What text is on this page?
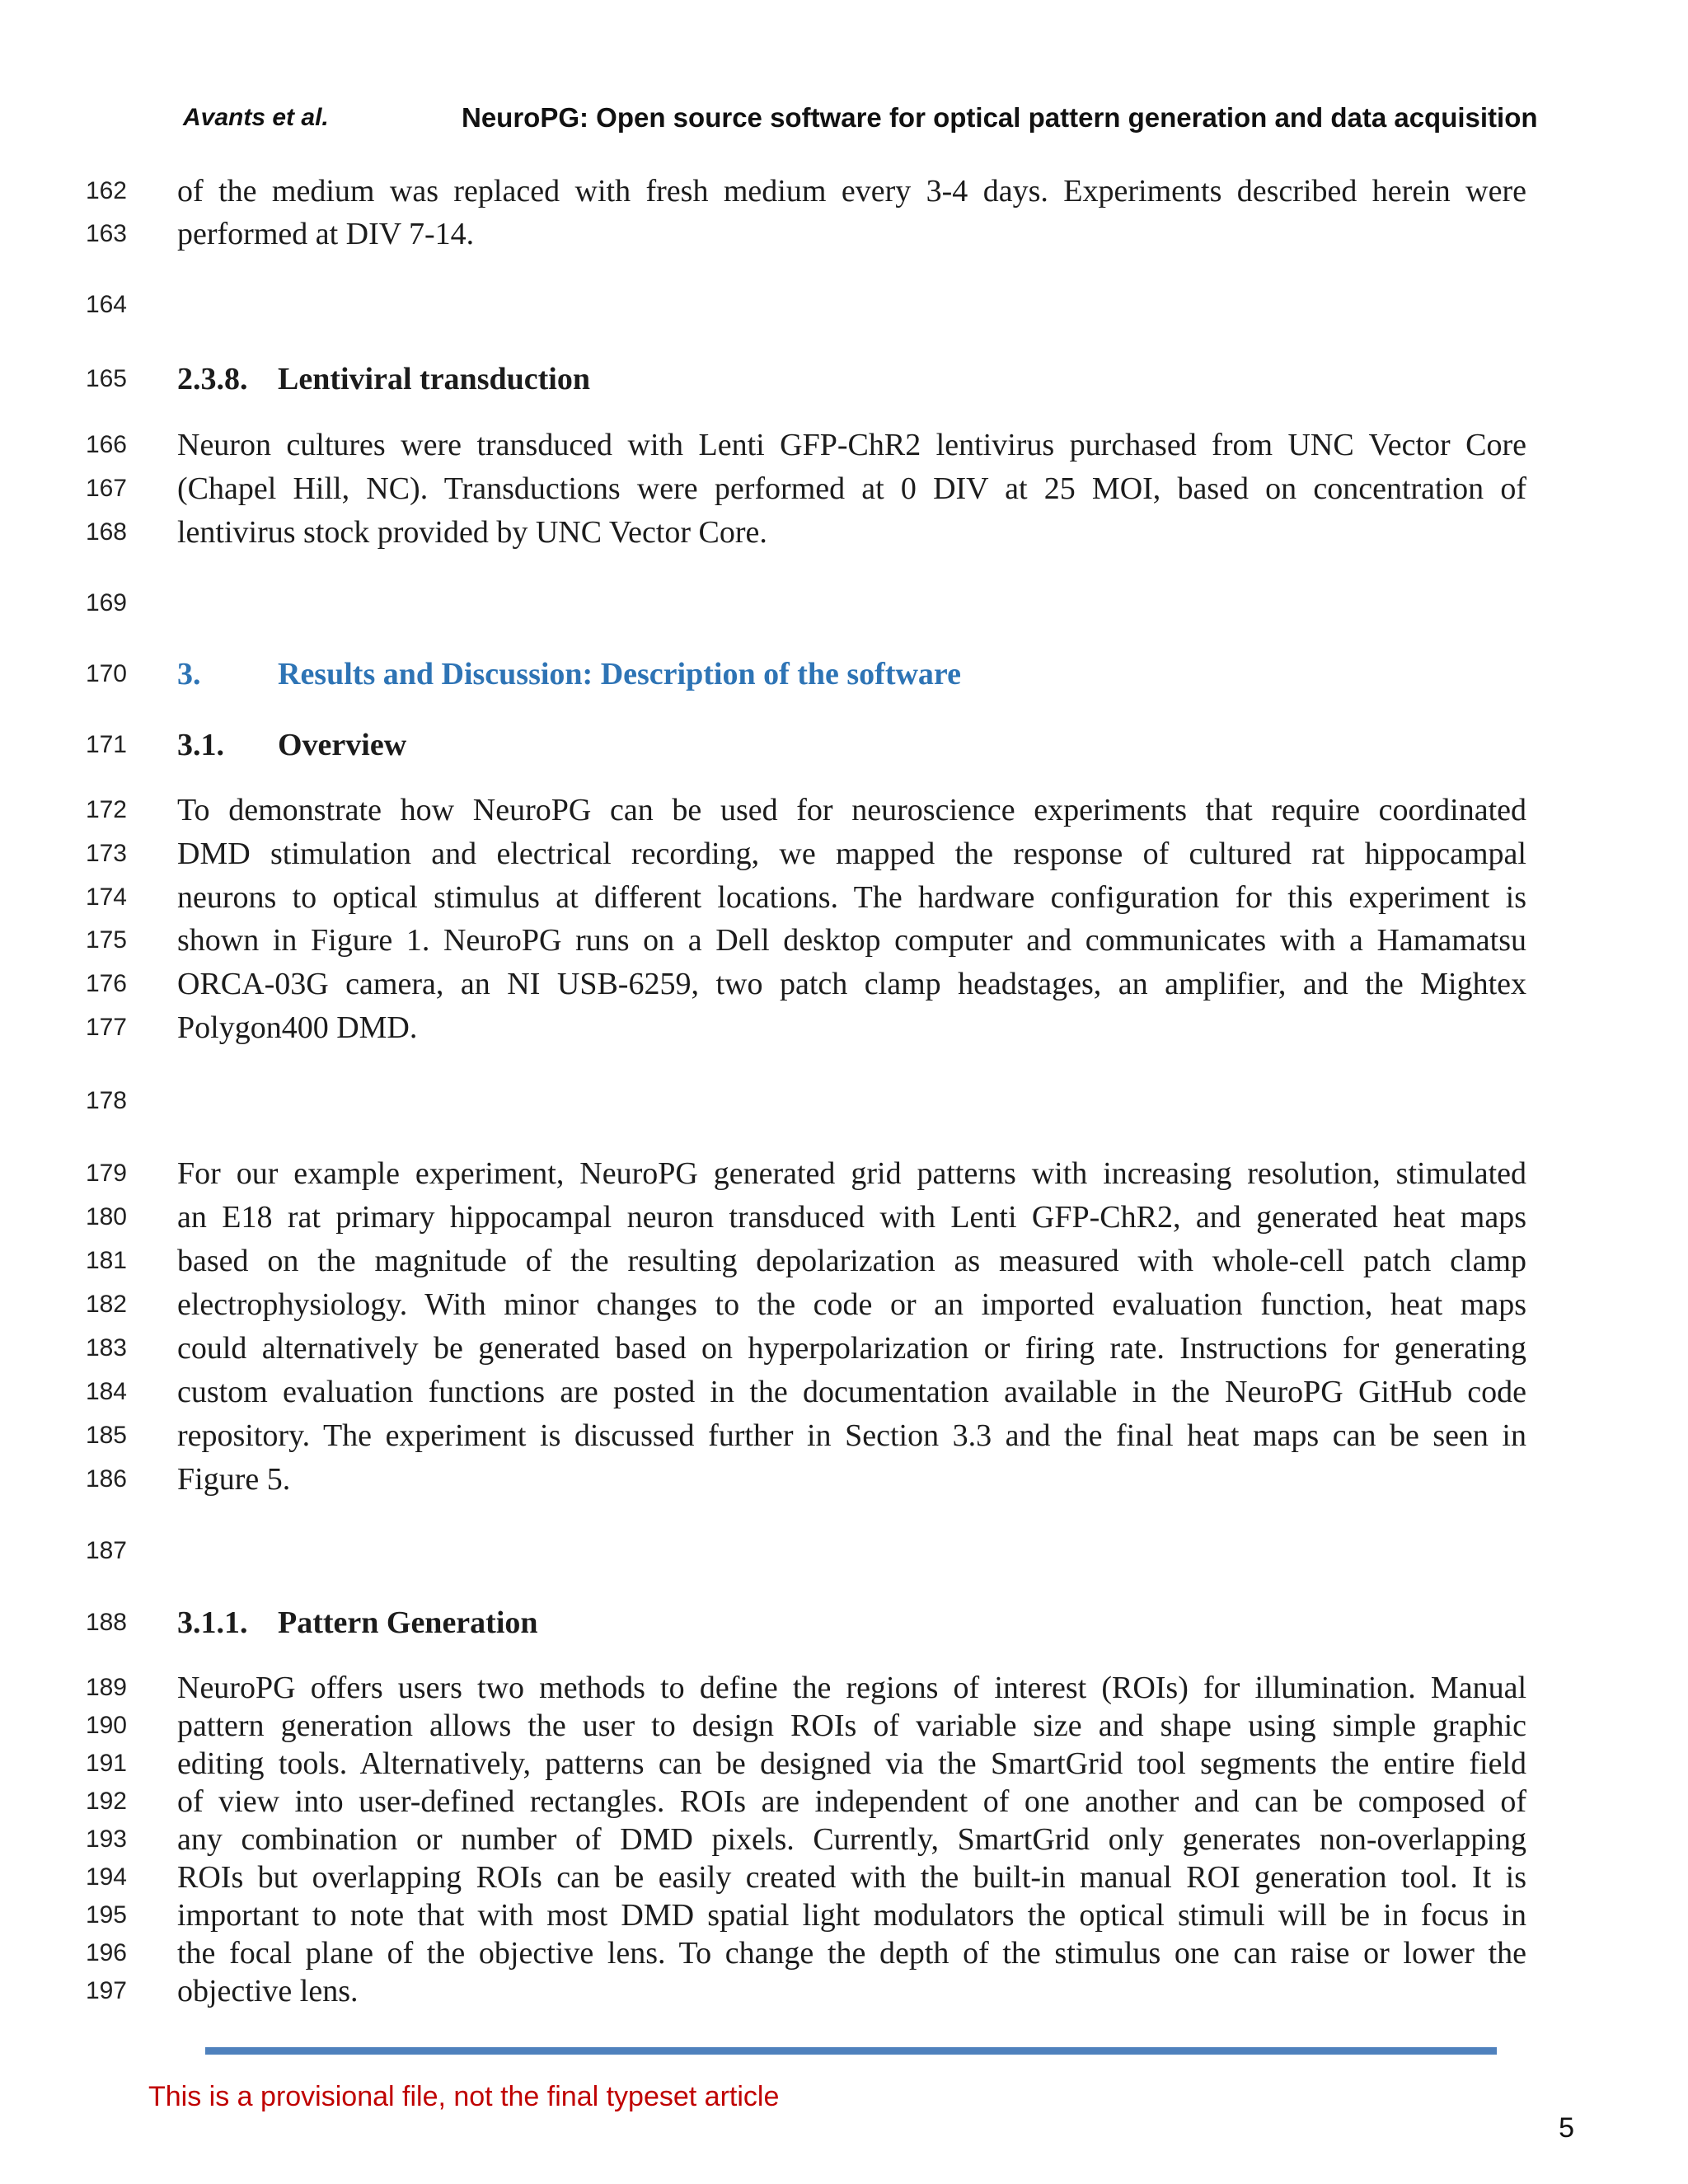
Avants et al.	NeuroPG: Open source software for optical pattern generation and data acquisition
162 of the medium was replaced with fresh medium every 3-4 days. Experiments described herein were
163 performed at DIV 7-14.
164
165 2.3.8. Lentiviral transduction
166 Neuron cultures were transduced with Lenti GFP-ChR2 lentivirus purchased from UNC Vector Core
167 (Chapel Hill, NC). Transductions were performed at 0 DIV at 25 MOI, based on concentration of
168 lentivirus stock provided by UNC Vector Core.
169
170 3. Results and Discussion: Description of the software
171 3.1. Overview
172 To demonstrate how NeuroPG can be used for neuroscience experiments that require coordinated
173 DMD stimulation and electrical recording, we mapped the response of cultured rat hippocampal
174 neurons to optical stimulus at different locations. The hardware configuration for this experiment is
175 shown in Figure 1. NeuroPG runs on a Dell desktop computer and communicates with a Hamamatsu
176 ORCA-03G camera, an NI USB-6259, two patch clamp headstages, an amplifier, and the Mightex
177 Polygon400 DMD.
178
179 For our example experiment, NeuroPG generated grid patterns with increasing resolution, stimulated
180 an E18 rat primary hippocampal neuron transduced with Lenti GFP-ChR2, and generated heat maps
181 based on the magnitude of the resulting depolarization as measured with whole-cell patch clamp
182 electrophysiology. With minor changes to the code or an imported evaluation function, heat maps
183 could alternatively be generated based on hyperpolarization or firing rate. Instructions for generating
184 custom evaluation functions are posted in the documentation available in the NeuroPG GitHub code
185 repository. The experiment is discussed further in Section 3.3 and the final heat maps can be seen in
186 Figure 5.
187
188 3.1.1. Pattern Generation
189 NeuroPG offers users two methods to define the regions of interest (ROIs) for illumination. Manual
190 pattern generation allows the user to design ROIs of variable size and shape using simple graphic
191 editing tools. Alternatively, patterns can be designed via the SmartGrid tool segments the entire field
192 of view into user-defined rectangles. ROIs are independent of one another and can be composed of
193 any combination or number of DMD pixels. Currently, SmartGrid only generates non-overlapping
194 ROIs but overlapping ROIs can be easily created with the built-in manual ROI generation tool. It is
195 important to note that with most DMD spatial light modulators the optical stimuli will be in focus in
196 the focal plane of the objective lens. To change the depth of the stimulus one can raise or lower the
197 objective lens.
This is a provisional file, not the final typeset article
5
